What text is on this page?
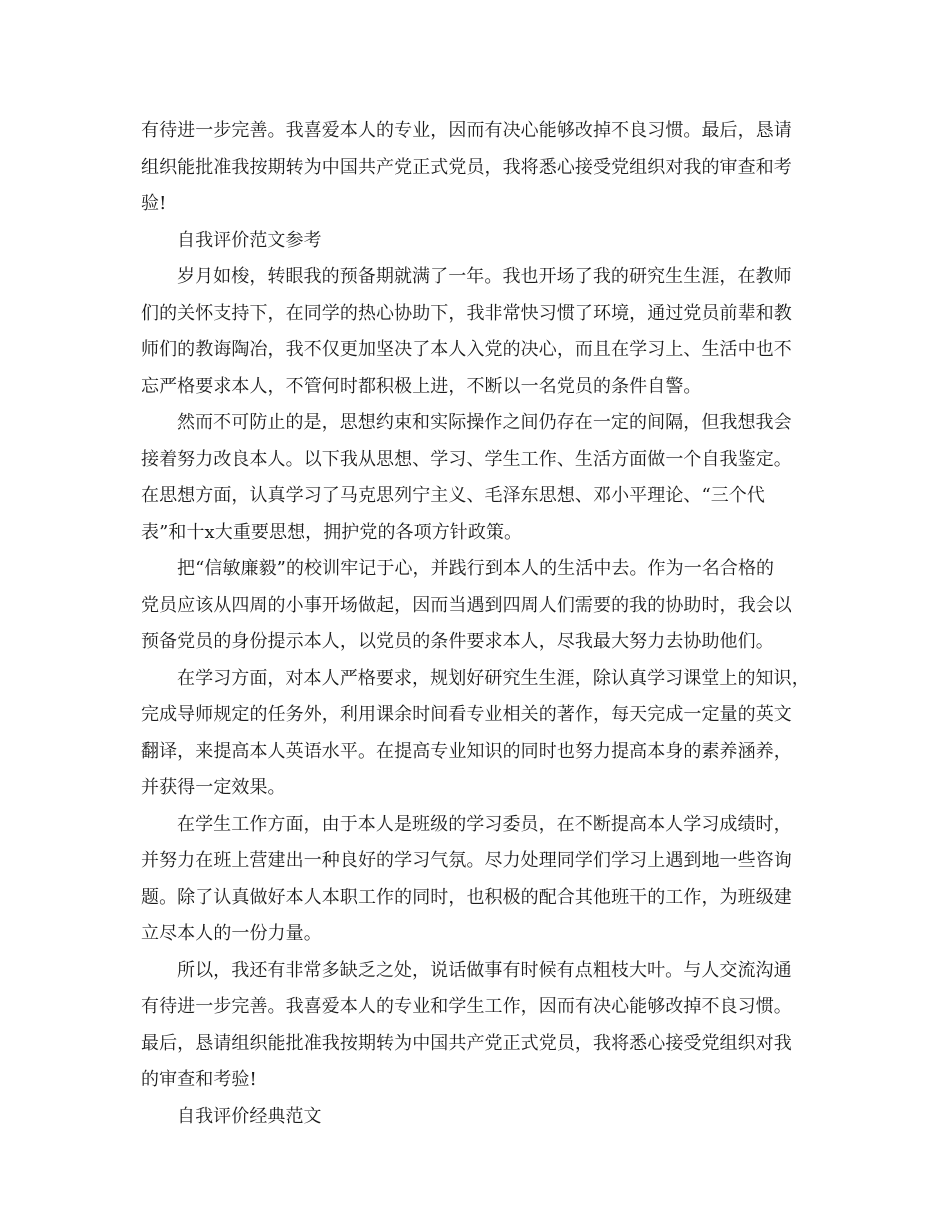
有待进一步完善。我喜爱本人的专业，因而有决心能够改掉不良习惯。最后，恳请
组织能批准我按期转为中国共产党正式党员，我将悉心接受党组织对我的审查和考
验!
自我评价范文参考
岁月如梭，转眼我的预备期就满了一年。我也开场了我的研究生生涯，在教师
们的关怀支持下，在同学的热心协助下，我非常快习惯了环境，通过党员前辈和教
师们的教诲陶冶，我不仅更加坚决了本人入党的决心，而且在学习上、生活中也不
忘严格要求本人，不管何时都积极上进，不断以一名党员的条件自警。
然而不可防止的是，思想约束和实际操作之间仍存在一定的间隔，但我想我会
接着努力改良本人。以下我从思想、学习、学生工作、生活方面做一个自我鉴定。
在思想方面，认真学习了马克思列宁主义、毛泽东思想、邓小平理论、“三个代
表”和十x大重要思想，拥护党的各项方针政策。
把“信敏廉毅”的校训牢记于心，并践行到本人的生活中去。作为一名合格的
党员应该从四周的小事开场做起，因而当遇到四周人们需要的我的协助时，我会以
预备党员的身份提示本人，以党员的条件要求本人，尽我最大努力去协助他们。
在学习方面，对本人严格要求，规划好研究生生涯，除认真学习课堂上的知识，
完成导师规定的任务外，利用课余时间看专业相关的著作，每天完成一定量的英文
翻译，来提高本人英语水平。在提高专业知识的同时也努力提高本身的素养涵养，
并获得一定效果。
在学生工作方面，由于本人是班级的学习委员，在不断提高本人学习成绩时，
并努力在班上营建出一种良好的学习气氛。尽力处理同学们学习上遇到地一些咨询
题。除了认真做好本人本职工作的同时，也积极的配合其他班干的工作，为班级建
立尽本人的一份力量。
所以，我还有非常多缺乏之处，说话做事有时候有点粗枝大叶。与人交流沟通
有待进一步完善。我喜爱本人的专业和学生工作，因而有决心能够改掉不良习惯。
最后，恳请组织能批准我按期转为中国共产党正式党员，我将悉心接受党组织对我
的审查和考验!
自我评价经典范文
